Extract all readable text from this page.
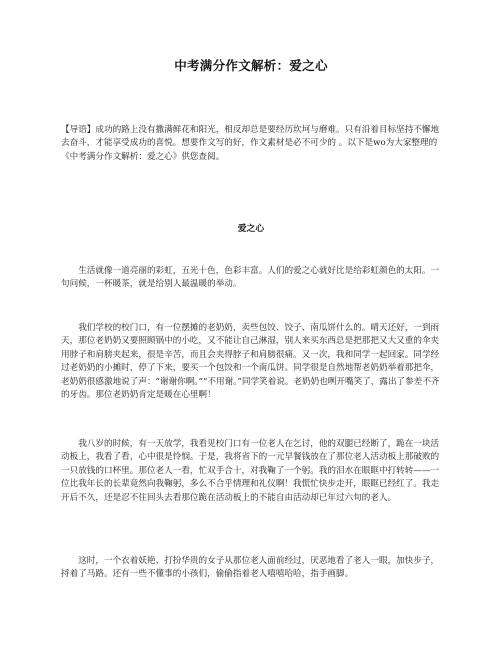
中考满分作文解析：爱之心

【导语】成功的路上没有撒满鲜花和阳光，相反却总是要经历坎坷与磨难。只有沿着目标坚持不懈地去奋斗，才能享受成功的喜悦。想要作文写的好，作文素材是必不可少的 。以下是wo为大家整理的《中考满分作文解析：爱之心》供您查阅。

爱之心

生活就像一道亮丽的彩虹，五光十色，色彩丰富。人们的爱之心就好比是给彩虹颜色的太阳。一句问候，一杯暖茶，就是给别人最温暖的举动。

我们学校的校门口，有一位摆摊的老奶奶，卖些包饺、饺子、南瓜饼什么的。晴天还好，一到雨天，那位老奶奶又要照顾锅中的小吃，又不能让自己淋湿，别人来买东西总是把那把又大又重的伞夹用脖子和肩膀夹起来，很是辛苦，而且会夹得脖子和肩膀很痛。又一次，我和同学一起回家。同学经过老奶奶的小摊时，停了下来，要买一个包饺和一个南瓜饼。同学很是自然地帮老奶奶举着那把伞，老奶奶很感激地说了声：“谢谢你啊。”“不用谢。”同学笑着说。老奶奶也咧开嘴笑了，露出了参差不齐的牙齿。那位老奶奶肯定是暖在心里啊！

我八岁的时候，有一天放学，我看见校门口有一位老人在乞讨，他的双腿已经断了，跪在一块活动板上，我看了看，心中很是怜悯。于是，我将省下的一元早餐钱放在了那位老人活动板上那破败的一只放钱的口杯里。那位老人一看，忙双手合十，对我鞠了一个躬。我的泪水在眼眶中打转转——一位比我年长的长辈竟然向我鞠躬，多么不合乎情理和礼仪啊！我慌忙快步走开，眼眶已经红了。我走开后不久，还是忍不住回头去看那位跪在活动板上的不能自由活动却已年过六旬的老人。

这时，一个衣着妖艳、打扮华贵的女子从那位老人面前经过，厌恶地看了老人一眼，加快步子，捋着了马路。还有一些不懂事的小孩们，偷偷指着老人嘻嘻哈哈，指手画脚。
